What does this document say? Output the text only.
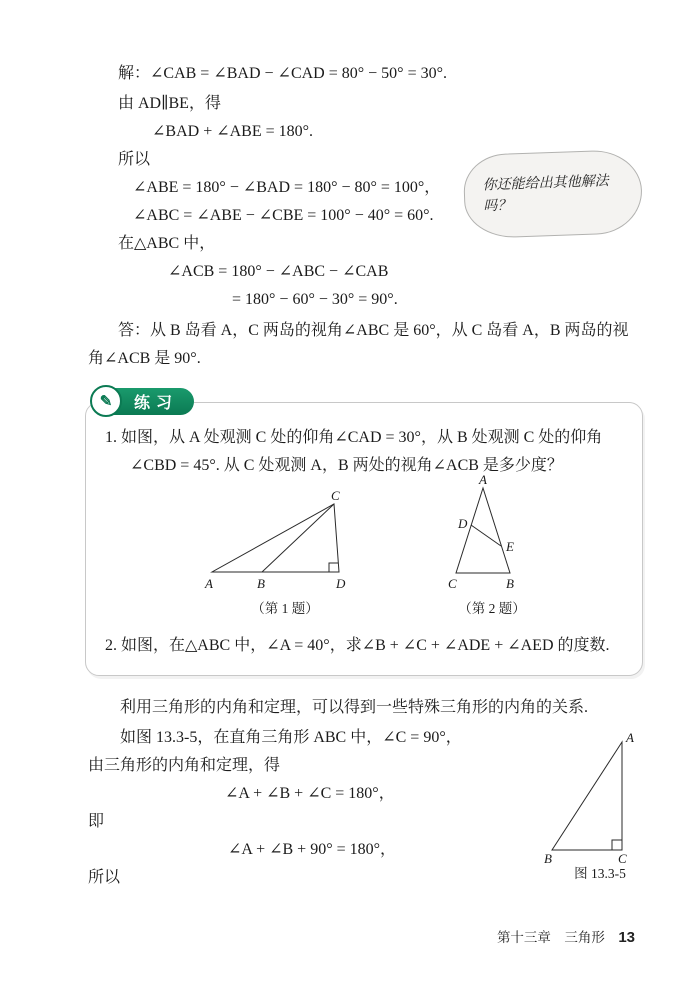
解：∠CAB = ∠BAD − ∠CAD = 80° − 50° = 30°.
由 AD∥BE，得
∠BAD + ∠ABE = 180°.
所以
∠ABE = 180° − ∠BAD = 180° − 80° = 100°，
∠ABC = ∠ABE − ∠CBE = 100° − 40° = 60°.
在△ABC 中，
∠ACB = 180° − ∠ABC − ∠CAB
= 180° − 60° − 30° = 90°.
答：从 B 岛看 A，C 两岛的视角∠ABC 是 60°，从 C 岛看 A，B 两岛的视
角∠ACB 是 90°.
你还能给出其他解法吗？
✎	练习
1. 如图，从 A 处观测 C 处的仰角∠CAD = 30°，从 B 处观测 C 处的仰角
∠CBD = 45°. 从 C 处观测 A，B 两处的视角∠ACB 是多少度？
A	B	D
C
（第 1 题）
A
C	B
D
E
（第 2 题）
2. 如图，在△ABC 中，∠A = 40°，求∠B + ∠C + ∠ADE + ∠AED 的度数.
利用三角形的内角和定理，可以得到一些特殊三角形的内角的关系.
如图 13.3-5，在直角三角形 ABC 中，∠C = 90°，
由三角形的内角和定理，得
∠A + ∠B + ∠C = 180°，
即
∠A + ∠B + 90° = 180°，
所以
A
B	C
图 13.3-5
第十三章　三角形 13
